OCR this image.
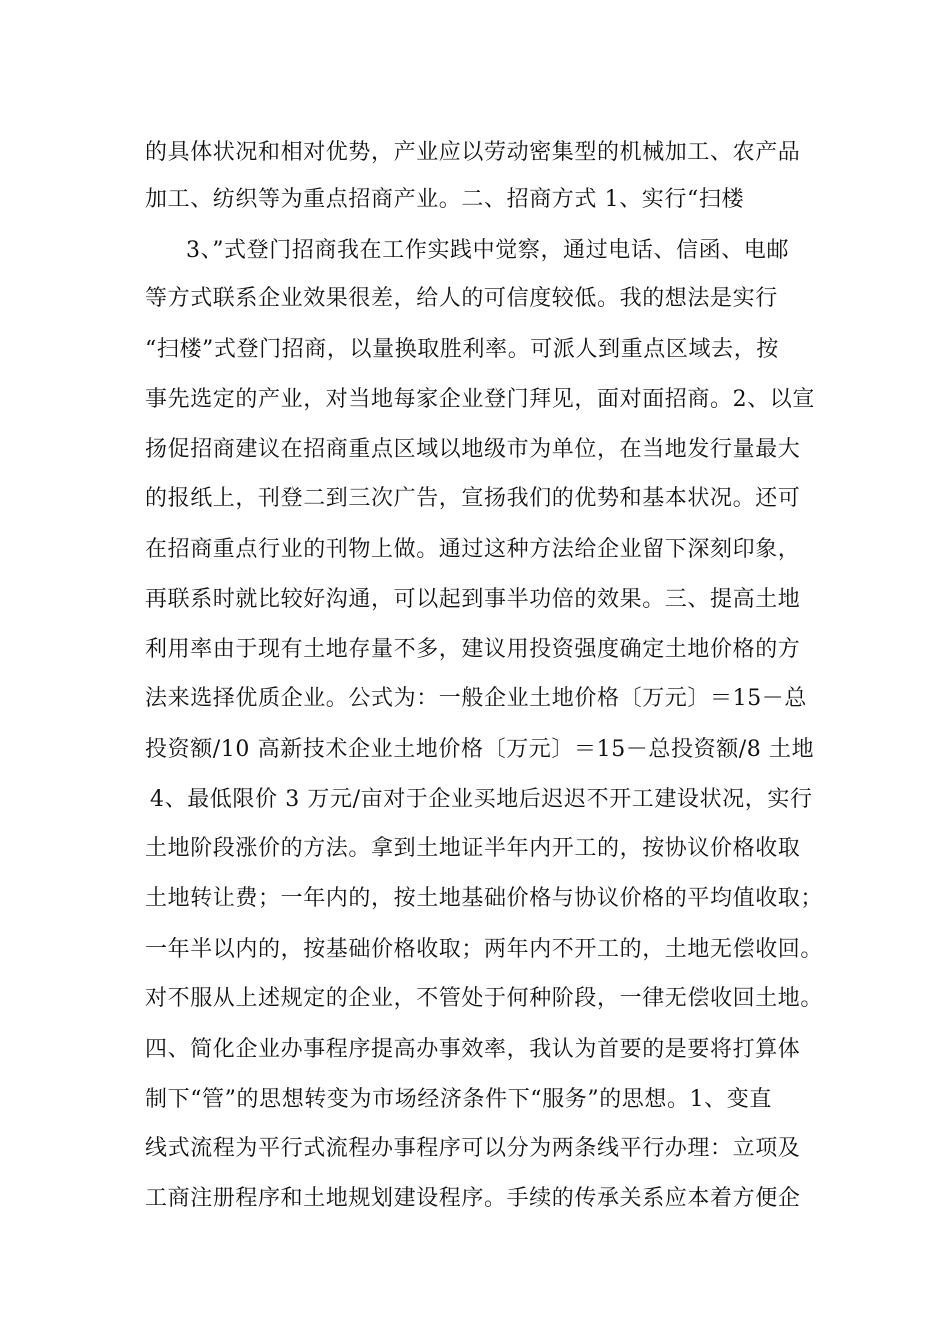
的具体状况和相对优势，产业应以劳动密集型的机械加工、农产品
加工、纺织等为重点招商产业。二、招商方式 1、实行“扫楼
3、”式登门招商我在工作实践中觉察，通过电话、信函、电邮
等方式联系企业效果很差，给人的可信度较低。我的想法是实行
“扫楼”式登门招商，以量换取胜利率。可派人到重点区域去，按
事先选定的产业，对当地每家企业登门拜见，面对面招商。2、以宣
扬促招商建议在招商重点区域以地级市为单位，在当地发行量最大
的报纸上，刊登二到三次广告，宣扬我们的优势和基本状况。还可
在招商重点行业的刊物上做。通过这种方法给企业留下深刻印象，
再联系时就比较好沟通，可以起到事半功倍的效果。三、提高土地
利用率由于现有土地存量不多，建议用投资强度确定土地价格的方
法来选择优质企业。公式为：一般企业土地价格〔万元〕＝15－总
投资额/10 高新技术企业土地价格〔万元〕＝15－总投资额/8 土地
4、最低限价 3 万元/亩对于企业买地后迟迟不开工建设状况，实行
土地阶段涨价的方法。拿到土地证半年内开工的，按协议价格收取
土地转让费；一年内的，按土地基础价格与协议价格的平均值收取；
一年半以内的，按基础价格收取；两年内不开工的，土地无偿收回。
对不服从上述规定的企业，不管处于何种阶段，一律无偿收回土地。
四、简化企业办事程序提高办事效率，我认为首要的是要将打算体
制下“管”的思想转变为市场经济条件下“服务”的思想。1、变直
线式流程为平行式流程办事程序可以分为两条线平行办理：立项及
工商注册程序和土地规划建设程序。手续的传承关系应本着方便企
